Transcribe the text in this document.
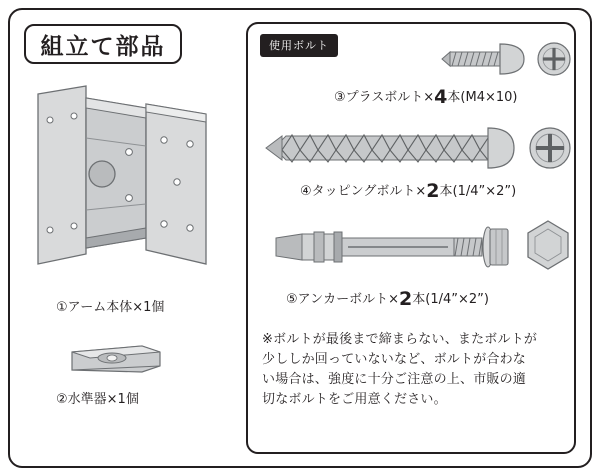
組立て部品
①アーム本体×1個
②水準器×1個
使用ボルト
③プラスボルト×4本(M4×10)
④タッピングボルト×2本(1/4”×2”)
⑤アンカーボルト×2本(1/4”×2”)
※ボルトが最後まで締まらない、またボルトが
少ししか回っていないなど、ボルトが合わな
い場合は、強度に十分ご注意の上、市販の適
切なボルトをご用意ください。
